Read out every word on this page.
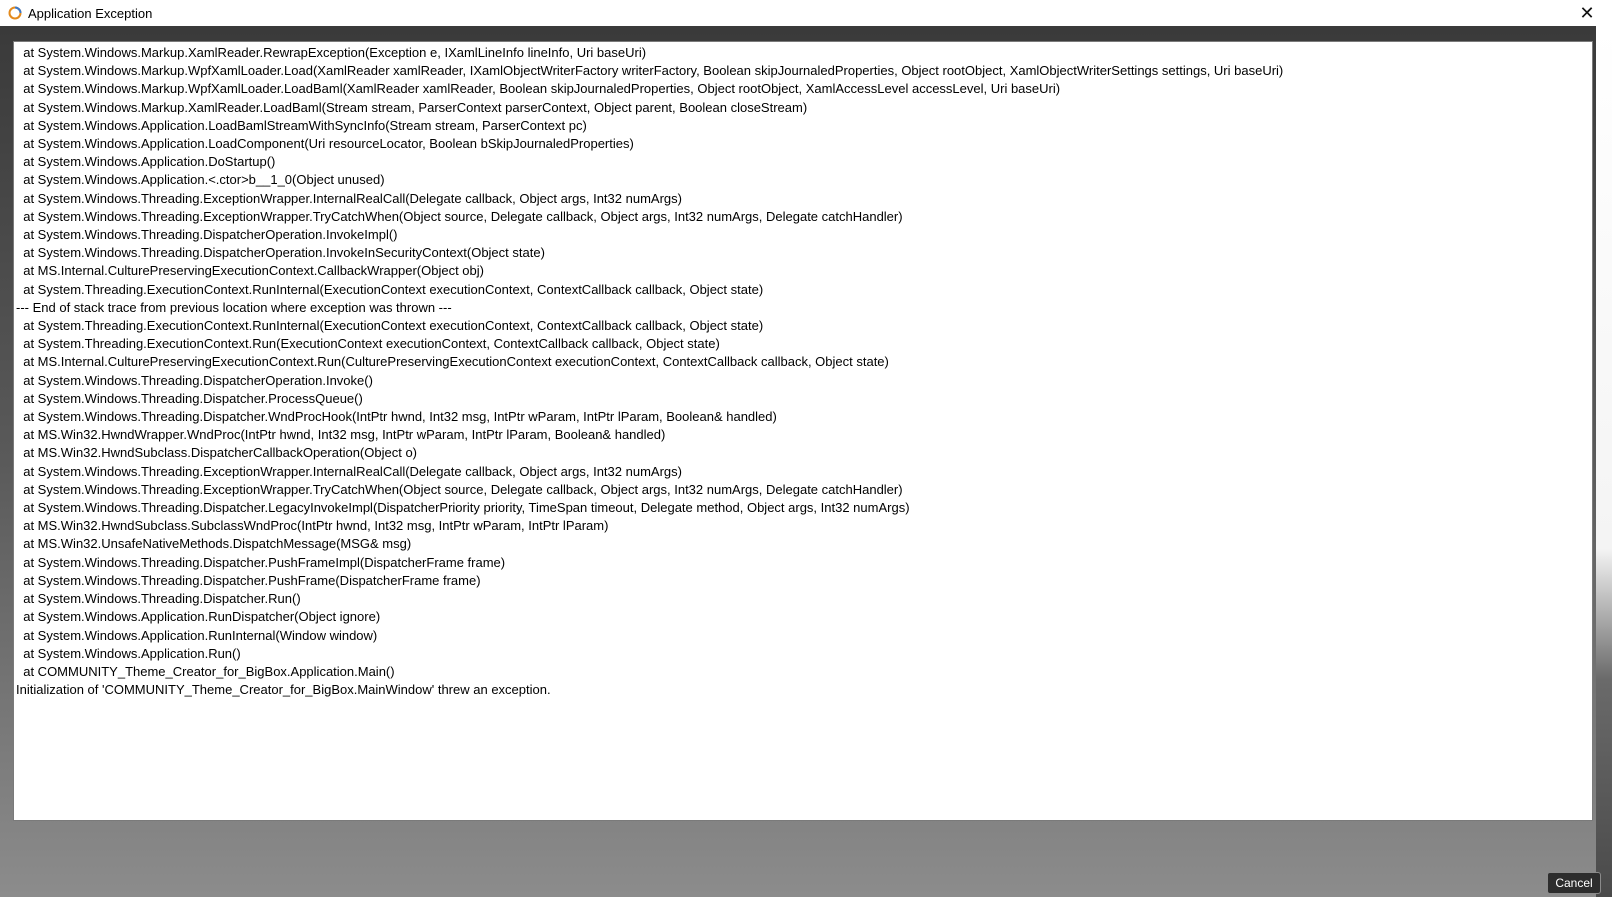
Application Exception	✕
at System.Windows.Markup.XamlReader.RewrapException(Exception e, IXamlLineInfo lineInfo, Uri baseUri)
at System.Windows.Markup.WpfXamlLoader.Load(XamlReader xamlReader, IXamlObjectWriterFactory writerFactory, Boolean skipJournaledProperties, Object rootObject, XamlObjectWriterSettings settings, Uri baseUri)
at System.Windows.Markup.WpfXamlLoader.LoadBaml(XamlReader xamlReader, Boolean skipJournaledProperties, Object rootObject, XamlAccessLevel accessLevel, Uri baseUri)
at System.Windows.Markup.XamlReader.LoadBaml(Stream stream, ParserContext parserContext, Object parent, Boolean closeStream)
at System.Windows.Application.LoadBamlStreamWithSyncInfo(Stream stream, ParserContext pc)
at System.Windows.Application.LoadComponent(Uri resourceLocator, Boolean bSkipJournaledProperties)
at System.Windows.Application.DoStartup()
at System.Windows.Application.<.ctor>b__1_0(Object unused)
at System.Windows.Threading.ExceptionWrapper.InternalRealCall(Delegate callback, Object args, Int32 numArgs)
at System.Windows.Threading.ExceptionWrapper.TryCatchWhen(Object source, Delegate callback, Object args, Int32 numArgs, Delegate catchHandler)
at System.Windows.Threading.DispatcherOperation.InvokeImpl()
at System.Windows.Threading.DispatcherOperation.InvokeInSecurityContext(Object state)
at MS.Internal.CulturePreservingExecutionContext.CallbackWrapper(Object obj)
at System.Threading.ExecutionContext.RunInternal(ExecutionContext executionContext, ContextCallback callback, Object state)
--- End of stack trace from previous location where exception was thrown ---
at System.Threading.ExecutionContext.RunInternal(ExecutionContext executionContext, ContextCallback callback, Object state)
at System.Threading.ExecutionContext.Run(ExecutionContext executionContext, ContextCallback callback, Object state)
at MS.Internal.CulturePreservingExecutionContext.Run(CulturePreservingExecutionContext executionContext, ContextCallback callback, Object state)
at System.Windows.Threading.DispatcherOperation.Invoke()
at System.Windows.Threading.Dispatcher.ProcessQueue()
at System.Windows.Threading.Dispatcher.WndProcHook(IntPtr hwnd, Int32 msg, IntPtr wParam, IntPtr lParam, Boolean& handled)
at MS.Win32.HwndWrapper.WndProc(IntPtr hwnd, Int32 msg, IntPtr wParam, IntPtr lParam, Boolean& handled)
at MS.Win32.HwndSubclass.DispatcherCallbackOperation(Object o)
at System.Windows.Threading.ExceptionWrapper.InternalRealCall(Delegate callback, Object args, Int32 numArgs)
at System.Windows.Threading.ExceptionWrapper.TryCatchWhen(Object source, Delegate callback, Object args, Int32 numArgs, Delegate catchHandler)
at System.Windows.Threading.Dispatcher.LegacyInvokeImpl(DispatcherPriority priority, TimeSpan timeout, Delegate method, Object args, Int32 numArgs)
at MS.Win32.HwndSubclass.SubclassWndProc(IntPtr hwnd, Int32 msg, IntPtr wParam, IntPtr lParam)
at MS.Win32.UnsafeNativeMethods.DispatchMessage(MSG& msg)
at System.Windows.Threading.Dispatcher.PushFrameImpl(DispatcherFrame frame)
at System.Windows.Threading.Dispatcher.PushFrame(DispatcherFrame frame)
at System.Windows.Threading.Dispatcher.Run()
at System.Windows.Application.RunDispatcher(Object ignore)
at System.Windows.Application.RunInternal(Window window)
at System.Windows.Application.Run()
at COMMUNITY_Theme_Creator_for_BigBox.Application.Main()
Initialization of 'COMMUNITY_Theme_Creator_for_BigBox.MainWindow' threw an exception.
Cancel
